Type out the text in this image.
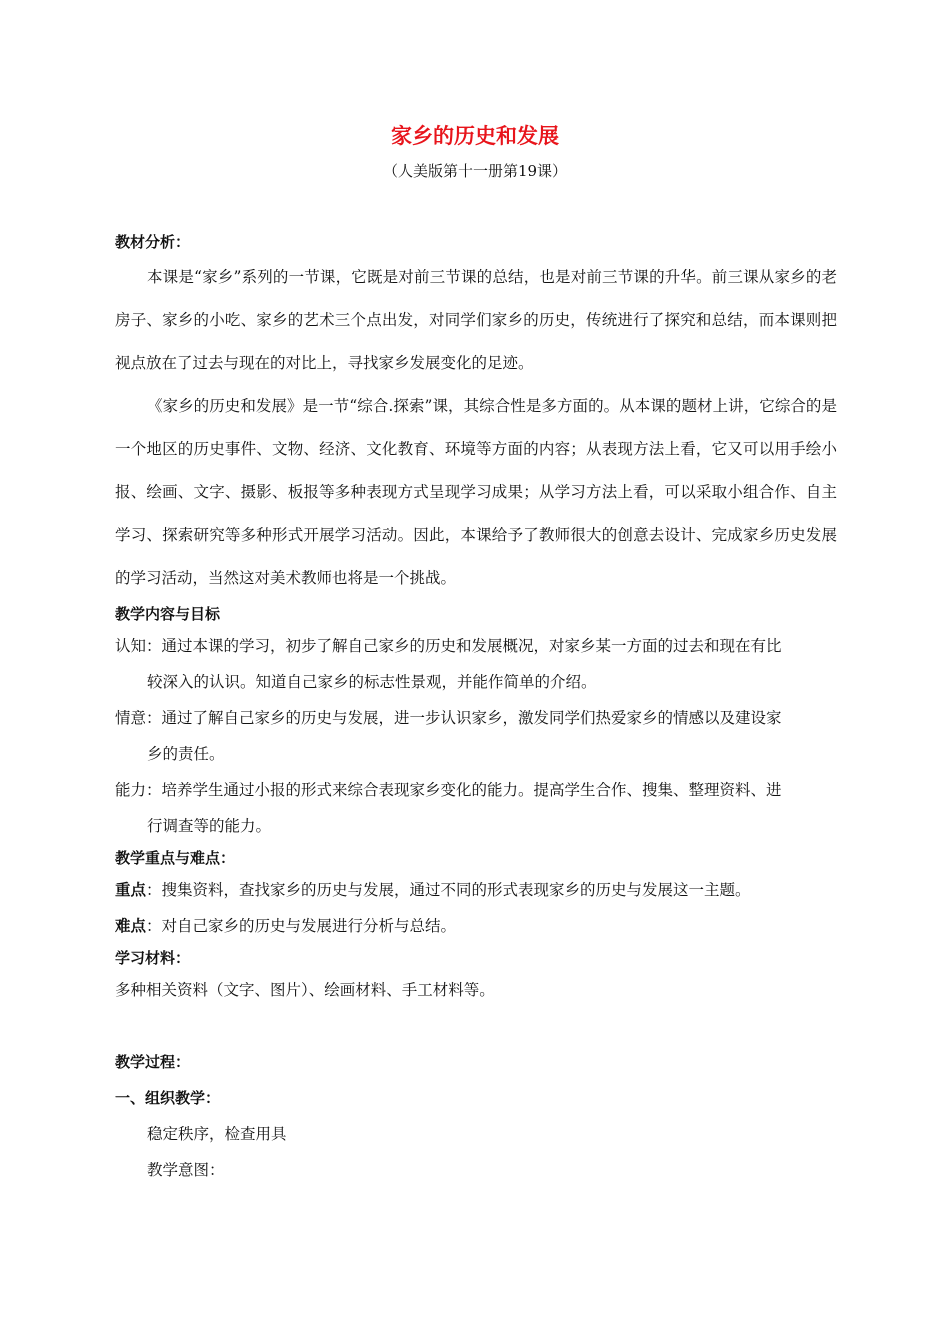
家乡的历史和发展
（人美版第十一册第19课）

教材分析：

本课是“家乡”系列的一节课，它既是对前三节课的总结，也是对前三节课的升华。前三课从家乡的老房子、家乡的小吃、家乡的艺术三个点出发，对同学们家乡的历史，传统进行了探究和总结，而本课则把视点放在了过去与现在的对比上，寻找家乡发展变化的足迹。

《家乡的历史和发展》是一节“综合.探索”课，其综合性是多方面的。从本课的题材上讲，它综合的是一个地区的历史事件、文物、经济、文化教育、环境等方面的内容；从表现方法上看，它又可以用手绘小报、绘画、文字、摄影、板报等多种表现方式呈现学习成果；从学习方法上看，可以采取小组合作、自主学习、探索研究等多种形式开展学习活动。因此，本课给予了教师很大的创意去设计、完成家乡历史发展的学习活动，当然这对美术教师也将是一个挑战。

教学内容与目标

认知：通过本课的学习，初步了解自己家乡的历史和发展概况，对家乡某一方面的过去和现在有比
较深入的认识。知道自己家乡的标志性景观，并能作简单的介绍。
情意：通过了解自己家乡的历史与发展，进一步认识家乡，激发同学们热爱家乡的情感以及建设家
乡的责任。
能力：培养学生通过小报的形式来综合表现家乡变化的能力。提高学生合作、搜集、整理资料、进
行调查等的能力。

教学重点与难点：

重点：搜集资料，查找家乡的历史与发展，通过不同的形式表现家乡的历史与发展这一主题。

难点：对自己家乡的历史与发展进行分析与总结。

学习材料：

多种相关资料（文字、图片）、绘画材料、手工材料等。

教学过程：

一、组织教学：

稳定秩序，检查用具

教学意图：
